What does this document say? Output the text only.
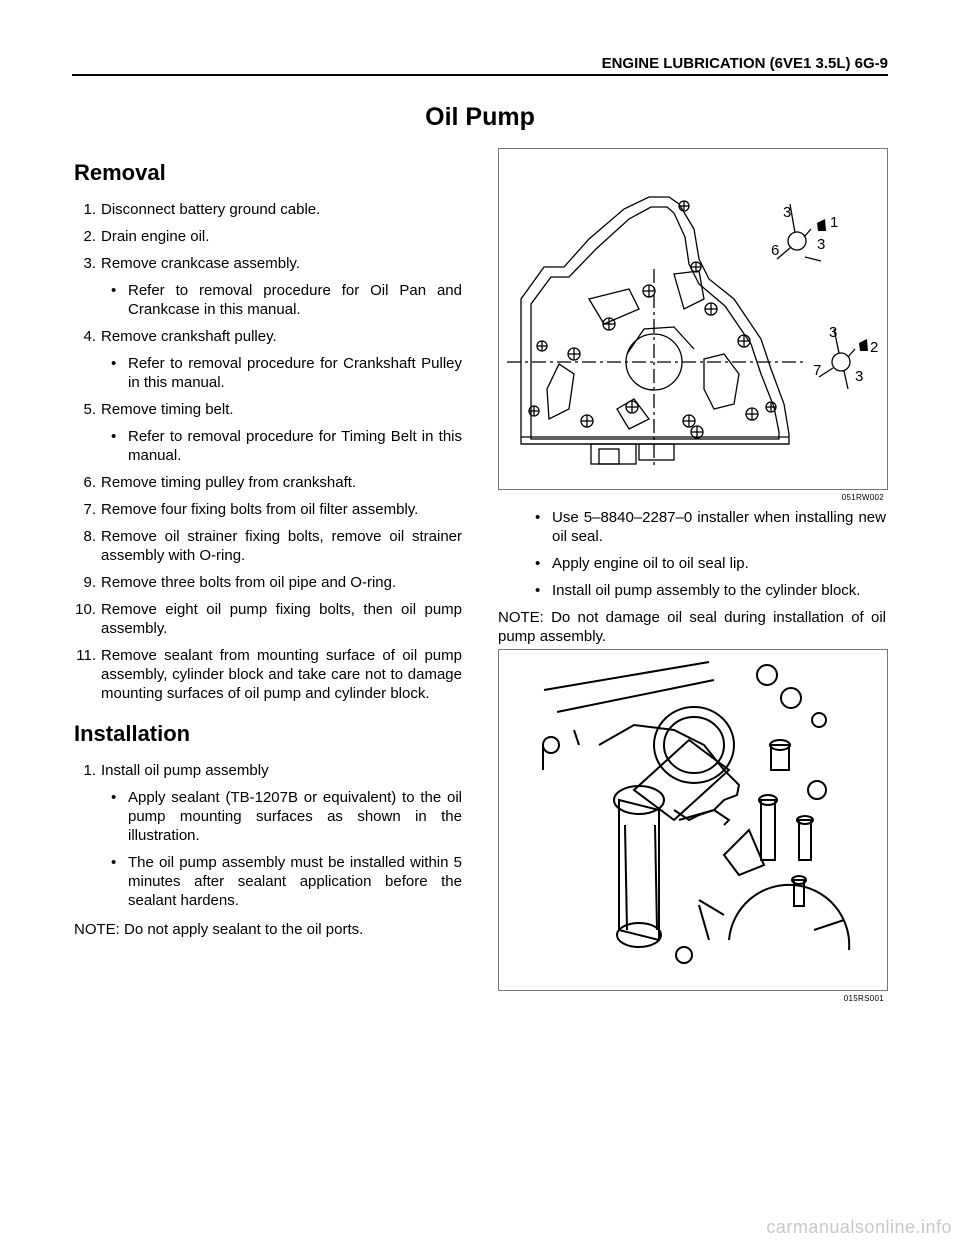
ENGINE LUBRICATION (6VE1 3.5L) 6G-9
Oil Pump
Removal
1. Disconnect battery ground cable.
2. Drain engine oil.
3. Remove crankcase assembly.
• Refer to removal procedure for Oil Pan and Crankcase in this manual.
4. Remove crankshaft pulley.
• Refer to removal procedure for Crankshaft Pulley in this manual.
5. Remove timing belt.
• Refer to removal procedure for Timing Belt in this manual.
6. Remove timing pulley from crankshaft.
7. Remove four fixing bolts from oil filter assembly.
8. Remove oil strainer fixing bolts, remove oil strainer assembly with O-ring.
9. Remove three bolts from oil pipe and O-ring.
10. Remove eight oil pump fixing bolts, then oil pump assembly.
11. Remove sealant from mounting surface of oil pump assembly, cylinder block and take care not to damage mounting surfaces of oil pump and cylinder block.
Installation
1. Install oil pump assembly
• Apply sealant (TB-1207B or equivalent) to the oil pump mounting surfaces as shown in the illustration.
• The oil pump assembly must be installed within 5 minutes after sealant application before the sealant hardens.
NOTE: Do not apply sealant to the oil ports.
3
1
6	3
3
2
7 3
051RW002
• Use 5–8840–2287–0 installer when installing new oil seal.
• Apply engine oil to oil seal lip.
• Install oil pump assembly to the cylinder block.
NOTE: Do not damage oil seal during installation of oil pump assembly.
015RS001
carmanualsonline.info
